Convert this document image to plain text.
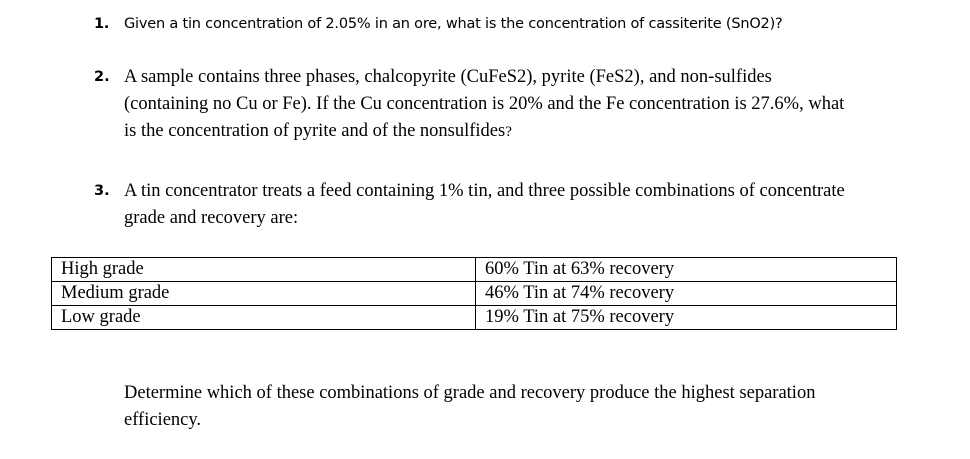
1.	Given a tin concentration of 2.05% in an ore, what is the concentration of cassiterite (SnO2)?
2. A sample contains three phases, chalcopyrite (CuFeS2), pyrite (FeS2), and non-sulfides (containing no Cu or Fe). If the Cu concentration is 20% and the Fe concentration is 27.6%, what is the concentration of pyrite and of the nonsulfides?
3. A tin concentrator treats a feed containing 1% tin, and three possible combinations of concentrate grade and recovery are:
High grade	60% Tin at 63% recovery
Medium grade	46% Tin at 74% recovery
Low grade	19% Tin at 75% recovery
Determine which of these combinations of grade and recovery produce the highest separation efficiency.
